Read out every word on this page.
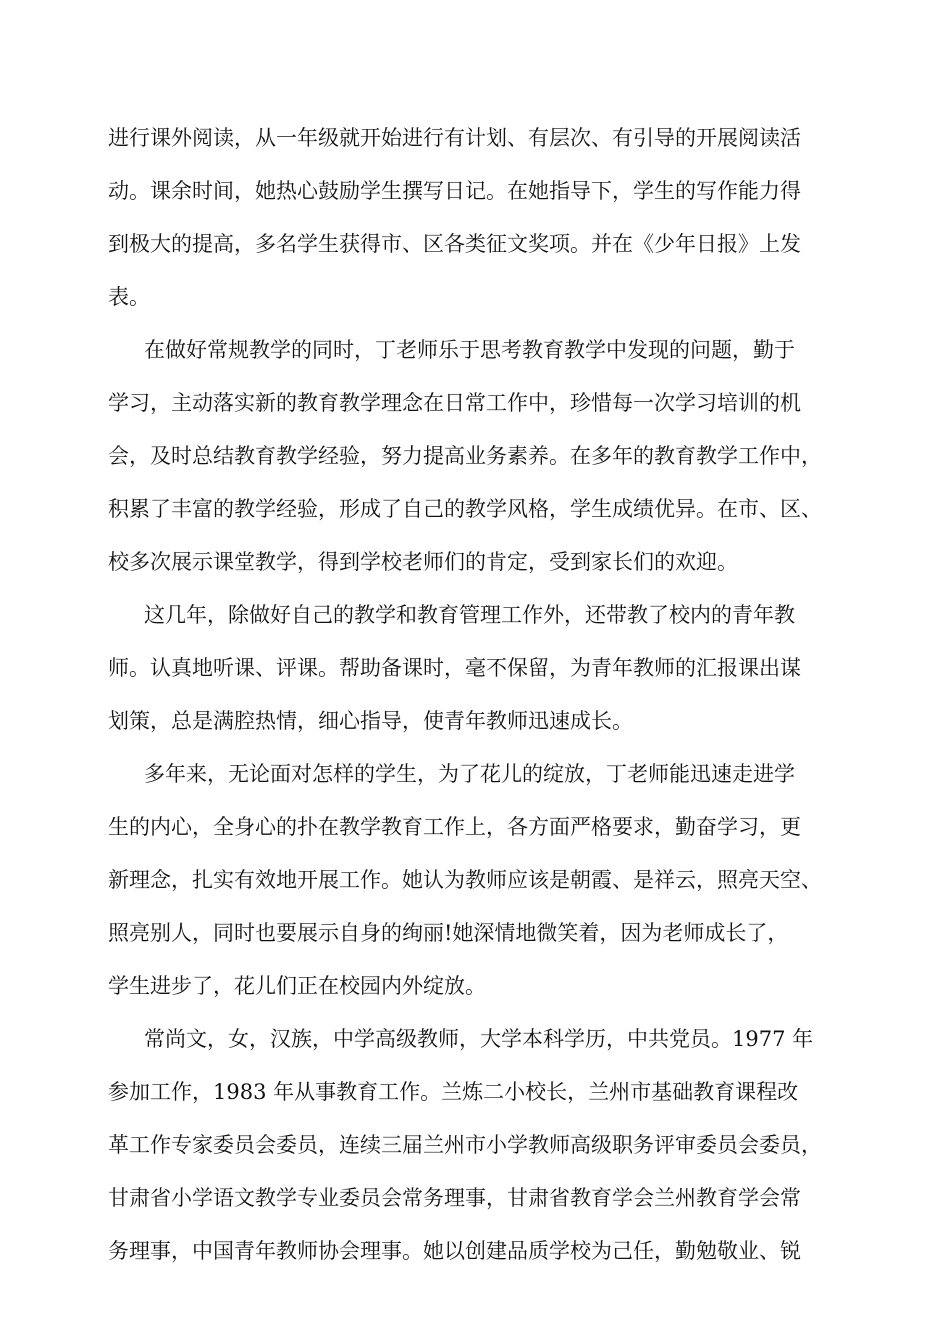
进行课外阅读，从一年级就开始进行有计划、有层次、有引导的开展阅读活
动。课余时间，她热心鼓励学生撰写日记。在她指导下，学生的写作能力得
到极大的提高，多名学生获得市、区各类征文奖项。并在《少年日报》上发
表。
在做好常规教学的同时，丁老师乐于思考教育教学中发现的问题，勤于
学习，主动落实新的教育教学理念在日常工作中，珍惜每一次学习培训的机
会，及时总结教育教学经验，努力提高业务素养。在多年的教育教学工作中，
积累了丰富的教学经验，形成了自己的教学风格，学生成绩优异。在市、区、
校多次展示课堂教学，得到学校老师们的肯定，受到家长们的欢迎。
这几年，除做好自己的教学和教育管理工作外，还带教了校内的青年教
师。认真地听课、评课。帮助备课时，毫不保留，为青年教师的汇报课出谋
划策，总是满腔热情，细心指导，使青年教师迅速成长。
多年来，无论面对怎样的学生，为了花儿的绽放，丁老师能迅速走进学
生的内心，全身心的扑在教学教育工作上，各方面严格要求，勤奋学习，更
新理念，扎实有效地开展工作。她认为教师应该是朝霞、是祥云，照亮天空、
照亮别人，同时也要展示自身的绚丽!她深情地微笑着，因为老师成长了，
学生进步了，花儿们正在校园内外绽放。
常尚文，女，汉族，中学高级教师，大学本科学历，中共党员。1977 年
参加工作，1983 年从事教育工作。兰炼二小校长，兰州市基础教育课程改
革工作专家委员会委员，连续三届兰州市小学教师高级职务评审委员会委员，
甘肃省小学语文教学专业委员会常务理事，甘肃省教育学会兰州教育学会常
务理事，中国青年教师协会理事。她以创建品质学校为己任，勤勉敬业、锐
